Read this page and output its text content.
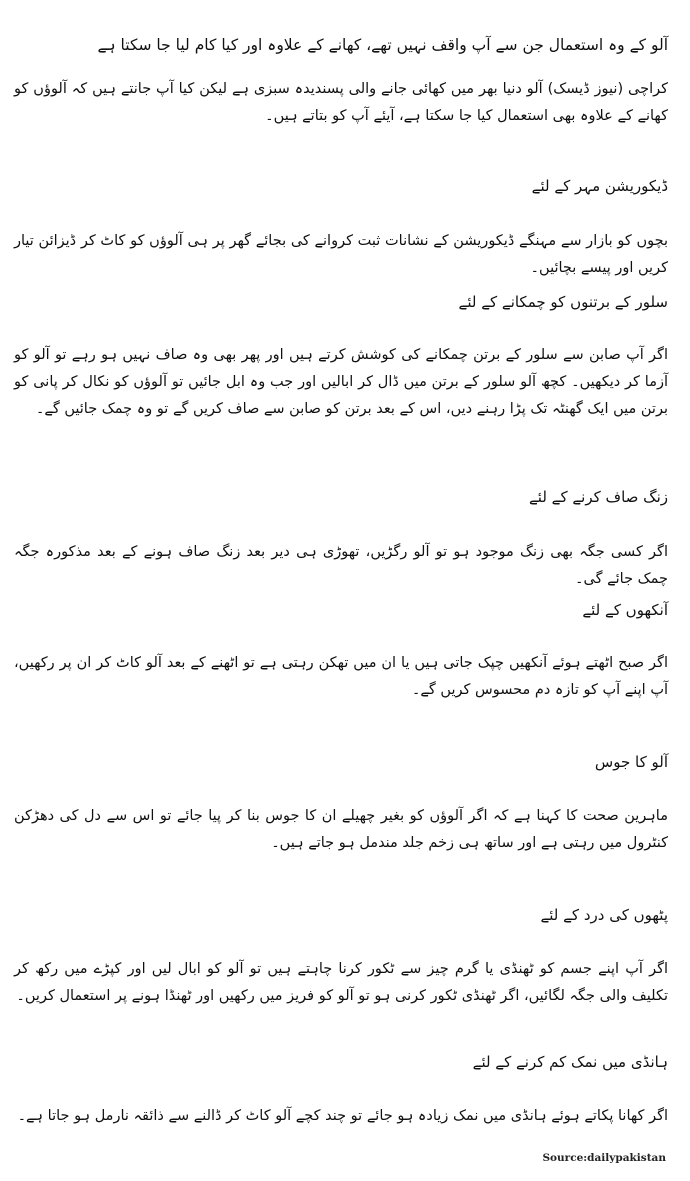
آلو کے وہ استعمال جن سے آپ واقف نہیں تھے، کھانے کے علاوہ اور کیا کام لیا جا سکتا ہے

کراچی (نیوز ڈیسک) آلو دنیا بھر میں کھائی جانے والی پسندیدہ سبزی ہے لیکن کیا آپ جانتے ہیں کہ آلوؤں کو کھانے کے علاوہ بھی استعمال کیا جا سکتا ہے، آیئے آپ کو بتاتے ہیں۔

ڈیکوریشن مہر کے لئے

بچوں کو بازار سے مہنگے ڈیکوریشن کے نشانات ثبت کروانے کی بجائے گھر پر ہی آلوؤں کو کاٹ کر ڈیزائن تیار کریں اور پیسے بچائیں۔

سلور کے برتنوں کو چمکانے کے لئے

اگر آپ صابن سے سلور کے برتن چمکانے کی کوشش کرتے ہیں اور پھر بھی وہ صاف نہیں ہو رہے تو آلو کو آزما کر دیکھیں۔ کچھ آلو سلور کے برتن میں ڈال کر ابالیں اور جب وہ ابل جائیں تو آلوؤں کو نکال کر پانی کو برتن میں ایک گھنٹہ تک پڑا رہنے دیں، اس کے بعد برتن کو صابن سے صاف کریں گے تو وہ چمک جائیں گے۔

زنگ صاف کرنے کے لئے

اگر کسی جگہ بھی زنگ موجود ہو تو آلو رگڑیں، تھوڑی ہی دیر بعد زنگ صاف ہونے کے بعد مذکورہ جگہ چمک جائے گی۔

آنکھوں کے لئے

اگر صبح اٹھتے ہوئے آنکھیں چپک جاتی ہیں یا ان میں تھکن رہتی ہے تو اٹھنے کے بعد آلو کاٹ کر ان پر رکھیں، آپ اپنے آپ کو تازہ دم محسوس کریں گے۔

آلو کا جوس

ماہرین صحت کا کہنا ہے کہ اگر آلوؤں کو بغیر چھیلے ان کا جوس بنا کر پیا جائے تو اس سے دل کی دھڑکن کنٹرول میں رہتی ہے اور ساتھ ہی زخم جلد مندمل ہو جاتے ہیں۔

پٹھوں کی درد کے لئے

اگر آپ اپنے جسم کو ٹھنڈی یا گرم چیز سے ٹکور کرنا چاہتے ہیں تو آلو کو ابال لیں اور کپڑے میں رکھ کر تکلیف والی جگہ لگائیں، اگر ٹھنڈی ٹکور کرنی ہو تو آلو کو فریز میں رکھیں اور ٹھنڈا ہونے پر استعمال کریں۔

ہانڈی میں نمک کم کرنے کے لئے

اگر کھانا پکاتے ہوئے ہانڈی میں نمک زیادہ ہو جائے تو چند کچے آلو کاٹ کر ڈالنے سے ذائقہ نارمل ہو جاتا ہے۔

Source:dailypakistan
